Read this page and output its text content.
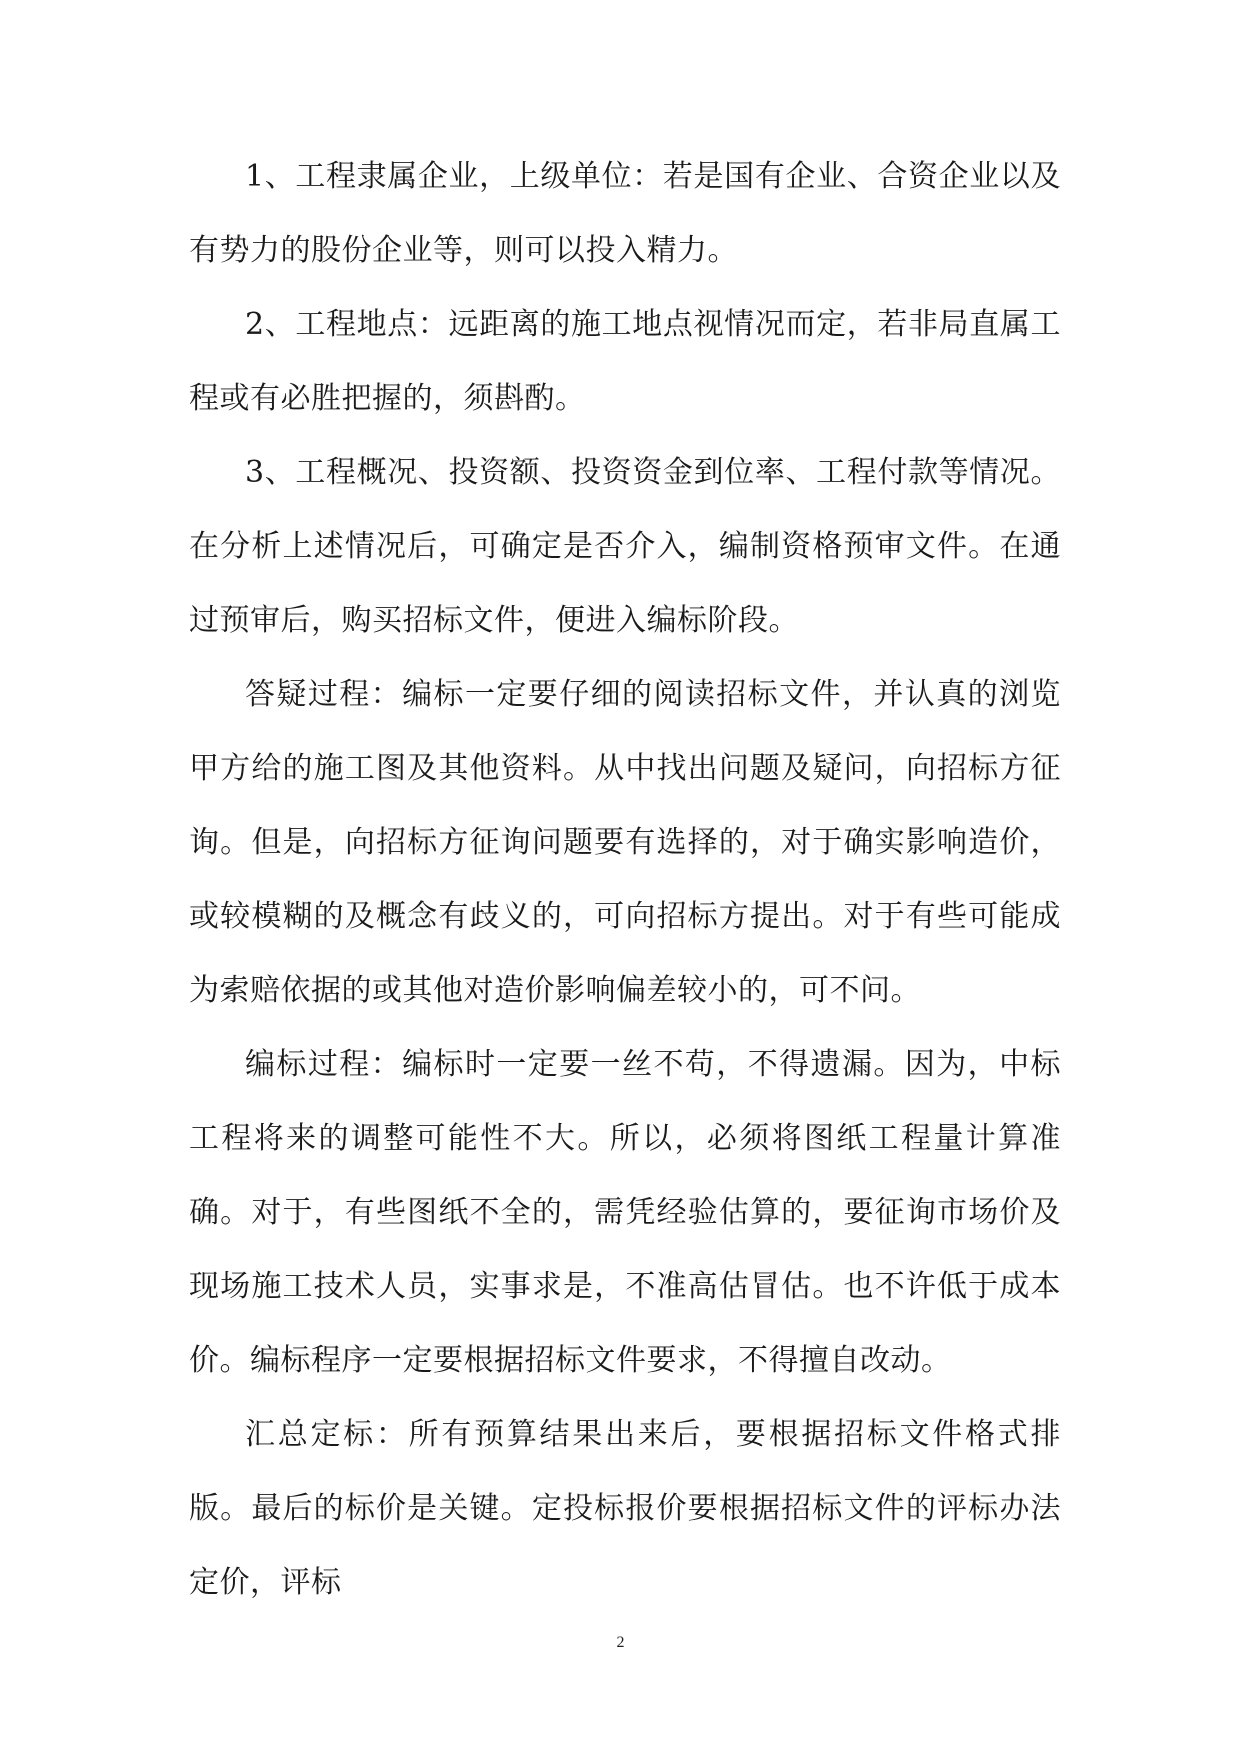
1、工程隶属企业，上级单位：若是国有企业、合资企业以及有势力的股份企业等，则可以投入精力。

2、工程地点：远距离的施工地点视情况而定，若非局直属工程或有必胜把握的，须斟酌。

3、工程概况、投资额、投资资金到位率、工程付款等情况。在分析上述情况后，可确定是否介入，编制资格预审文件。在通过预审后，购买招标文件，便进入编标阶段。

答疑过程：编标一定要仔细的阅读招标文件，并认真的浏览甲方给的施工图及其他资料。从中找出问题及疑问，向招标方征询。但是，向招标方征询问题要有选择的，对于确实影响造价，或较模糊的及概念有歧义的，可向招标方提出。对于有些可能成为索赔依据的或其他对造价影响偏差较小的，可不问。

编标过程：编标时一定要一丝不苟，不得遗漏。因为，中标工程将来的调整可能性不大。所以，必须将图纸工程量计算准确。对于，有些图纸不全的，需凭经验估算的，要征询市场价及现场施工技术人员，实事求是，不准高估冒估。也不许低于成本价。编标程序一定要根据招标文件要求，不得擅自改动。

汇总定标：所有预算结果出来后，要根据招标文件格式排版。最后的标价是关键。定投标报价要根据招标文件的评标办法定价，评标

2
